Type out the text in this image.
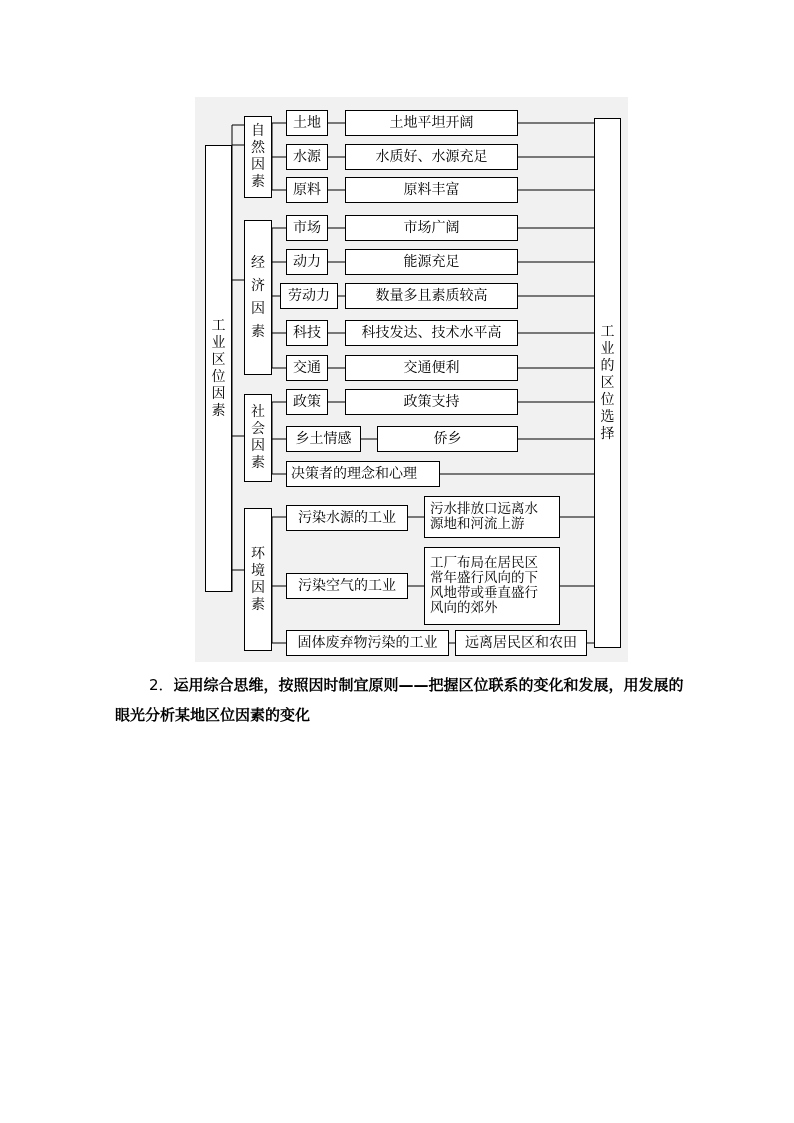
工
业
区
位
因
素
工
业
的
区
位
选
择
自
然
因
素
经
济
因
素
社
会
因
素
环
境
因
素
土地	土地平坦开阔
水源	水质好、水源充足
原料	原料丰富
市场	市场广阔
动力	能源充足
劳动力	数量多且素质较高
科技	科技发达、技术水平高
交通	交通便利
政策	政策支持
乡土情感	侨乡
决策者的理念和心理
污染水源的工业
污水排放口远离水
源地和河流上游
污染空气的工业
工厂布局在居民区
常年盛行风向的下
风地带或垂直盛行
风向的郊外
固体废弃物污染的工业	远离居民区和农田
2．运用综合思维，按照因时制宜原则——把握区位联系的变化和发展，用发展的眼光分析某地区位因素的变化
